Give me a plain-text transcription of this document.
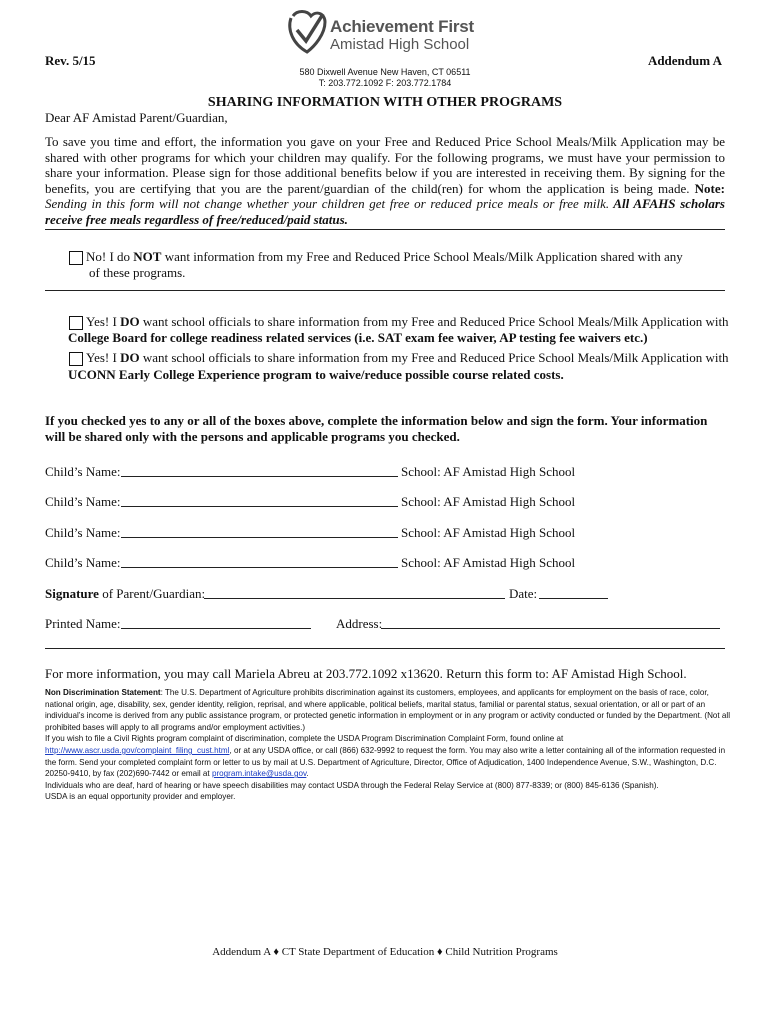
Rev. 5/15	Addendum A
Achievement First
Amistad High School
580 Dixwell Avenue New Haven, CT 06511
T: 203.772.1092 F: 203.772.1784
SHARING INFORMATION WITH OTHER PROGRAMS
Dear AF Amistad Parent/Guardian,
To save you time and effort, the information you gave on your Free and Reduced Price School Meals/Milk Application may be shared with other programs for which your children may qualify. For the following programs, we must have your permission to share your information. Please sign for those additional benefits below if you are interested in receiving them. By signing for the benefits, you are certifying that you are the parent/guardian of the child(ren) for whom the application is being made. Note: Sending in this form will not change whether your children get free or reduced price meals or free milk. All AFAHS scholars receive free meals regardless of free/reduced/paid status.
No! I do NOT want information from my Free and Reduced Price School Meals/Milk Application shared with any
of these programs.
Yes! I DO want school officials to share information from my Free and Reduced Price School Meals/Milk Application with
College Board for college readiness related services (i.e. SAT exam fee waiver, AP testing fee waivers etc.)
Yes! I DO want school officials to share information from my Free and Reduced Price School Meals/Milk Application with
UCONN Early College Experience program to waive/reduce possible course related costs.
If you checked yes to any or all of the boxes above, complete the information below and sign the form. Your information will be shared only with the persons and applicable programs you checked.
Child’s Name:	School: AF Amistad High School
Child’s Name:	School: AF Amistad High School
Child’s Name:	School: AF Amistad High School
Child’s Name:	School: AF Amistad High School
Signature of Parent/Guardian:	Date:
Printed Name:	Address:
For more information, you may call Mariela Abreu at 203.772.1092 x13620. Return this form to: AF Amistad High School.
Non Discrimination Statement: The U.S. Department of Agriculture prohibits discrimination against its customers, employees, and applicants for employment on the basis of race, color, national origin, age, disability, sex, gender identity, religion, reprisal, and where applicable, political beliefs, marital status, familial or parental status, sexual orientation, or all or part of an individual’s income is derived from any public assistance program, or protected genetic information in employment or in any program or activity conducted or funded by the Department. (Not all prohibited bases will apply to all programs and/or employment activities.)
If you wish to file a Civil Rights program complaint of discrimination, complete the USDA Program Discrimination Complaint Form, found online at
http://www.ascr.usda.gov/complaint_filing_cust.html, or at any USDA office, or call (866) 632-9992 to request the form. You may also write a letter containing all of the information requested in the form. Send your completed complaint form or letter to us by mail at U.S. Department of Agriculture, Director, Office of Adjudication, 1400 Independence Avenue, S.W., Washington, D.C. 20250-9410, by fax (202)690-7442 or email at program.intake@usda.gov.
Individuals who are deaf, hard of hearing or have speech disabilities may contact USDA through the Federal Relay Service at (800) 877-8339; or (800) 845-6136 (Spanish).
USDA is an equal opportunity provider and employer.
Addendum A ♦ CT State Department of Education ♦ Child Nutrition Programs
